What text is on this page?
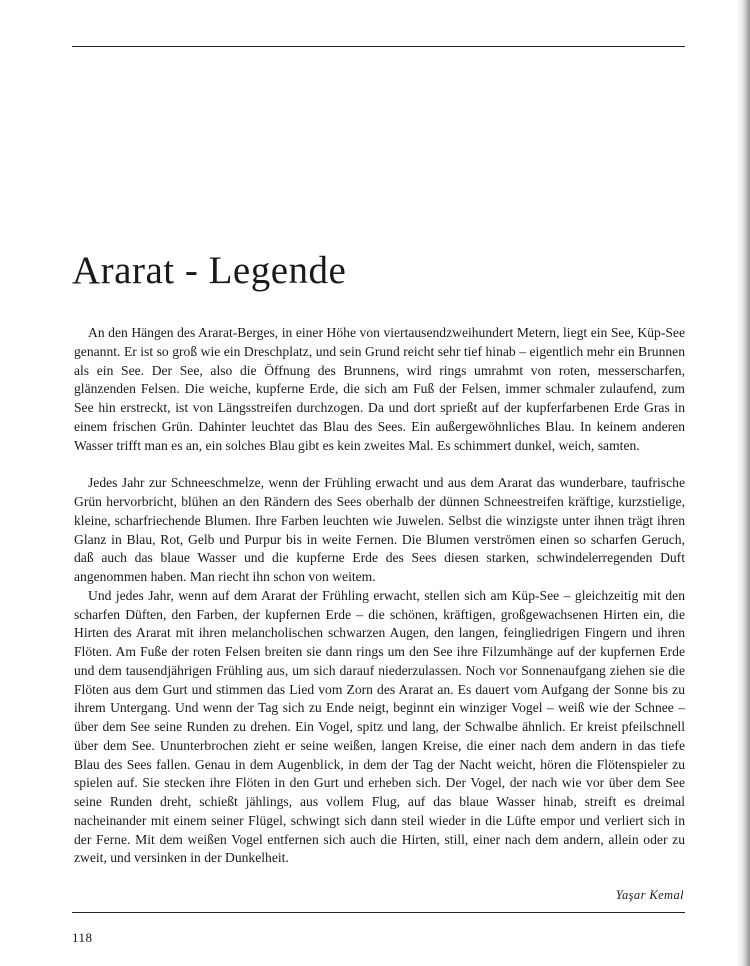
Ararat - Legende

An den Hängen des Ararat-Berges, in einer Höhe von viertausendzweihundert Metern, liegt ein See, Küp-See genannt. Er ist so groß wie ein Dreschplatz, und sein Grund reicht sehr tief hinab – eigentlich mehr ein Brunnen als ein See. Der See, also die Öffnung des Brunnens, wird rings umrahmt von roten, messerscharfen, glänzenden Felsen. Die weiche, kupferne Erde, die sich am Fuß der Felsen, immer schmaler zulaufend, zum See hin erstreckt, ist von Längsstreifen durchzogen. Da und dort sprießt auf der kupferfarbenen Erde Gras in einem frischen Grün. Dahinter leuchtet das Blau des Sees. Ein außergewöhnliches Blau. In keinem anderen Wasser trifft man es an, ein solches Blau gibt es kein zweites Mal. Es schimmert dunkel, weich, samten.

Jedes Jahr zur Schneeschmelze, wenn der Frühling erwacht und aus dem Ararat das wunderbare, taufrische Grün hervorbricht, blühen an den Rändern des Sees oberhalb der dünnen Schneestreifen kräftige, kurzstielige, kleine, scharfriechende Blumen. Ihre Farben leuchten wie Juwelen. Selbst die winzigste unter ihnen trägt ihren Glanz in Blau, Rot, Gelb und Purpur bis in weite Fernen. Die Blumen verströmen einen so scharfen Geruch, daß auch das blaue Wasser und die kupferne Erde des Sees diesen starken, schwindelerregenden Duft angenommen haben. Man riecht ihn schon von weitem.

Und jedes Jahr, wenn auf dem Ararat der Frühling erwacht, stellen sich am Küp-See – gleichzeitig mit den scharfen Düften, den Farben, der kupfernen Erde – die schönen, kräftigen, großgewachsenen Hirten ein, die Hirten des Ararat mit ihren melancholischen schwarzen Augen, den langen, feingliedrigen Fingern und ihren Flöten. Am Fuße der roten Felsen breiten sie dann rings um den See ihre Filzumhänge auf der kupfernen Erde und dem tausendjährigen Frühling aus, um sich darauf niederzulassen. Noch vor Sonnenaufgang ziehen sie die Flöten aus dem Gurt und stimmen das Lied vom Zorn des Ararat an. Es dauert vom Aufgang der Sonne bis zu ihrem Untergang. Und wenn der Tag sich zu Ende neigt, beginnt ein winziger Vogel – weiß wie der Schnee – über dem See seine Runden zu drehen. Ein Vogel, spitz und lang, der Schwalbe ähnlich. Er kreist pfeilschnell über dem See. Ununterbrochen zieht er seine weißen, langen Kreise, die einer nach dem andern in das tiefe Blau des Sees fallen. Genau in dem Augenblick, in dem der Tag der Nacht weicht, hören die Flötenspieler zu spielen auf. Sie stecken ihre Flöten in den Gurt und erheben sich. Der Vogel, der nach wie vor über dem See seine Runden dreht, schießt jählings, aus vollem Flug, auf das blaue Wasser hinab, streift es dreimal nacheinander mit einem seiner Flügel, schwingt sich dann steil wieder in die Lüfte empor und verliert sich in der Ferne. Mit dem weißen Vogel entfernen sich auch die Hirten, still, einer nach dem andern, allein oder zu zweit, und versinken in der Dunkelheit.

Yaşar Kemal
118
